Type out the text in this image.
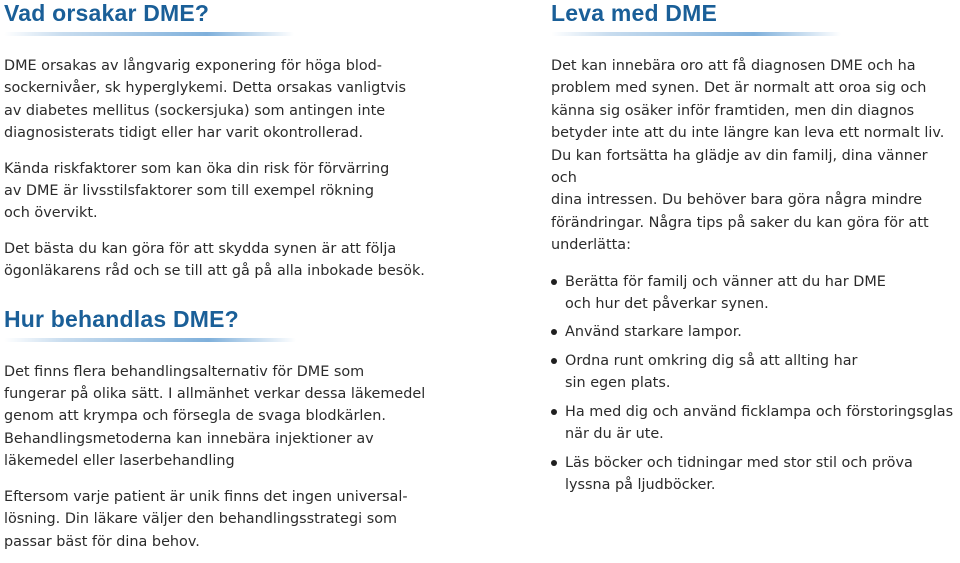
Vad orsakar DME?

DME orsakas av långvarig exponering för höga blod-
sockernivåer, sk hyperglykemi. Detta orsakas vanligtvis
av diabetes mellitus (sockersjuka) som antingen inte
diagnosisterats tidigt eller har varit okontrollerad.

Kända riskfaktorer som kan öka din risk för förvärring
av DME är livsstilsfaktorer som till exempel rökning
och övervikt.

Det bästa du kan göra för att skydda synen är att följa
ögonläkarens råd och se till att gå på alla inbokade besök.

Hur behandlas DME?

Det finns flera behandlingsalternativ för DME som
fungerar på olika sätt. I allmänhet verkar dessa läkemedel
genom att krympa och försegla de svaga blodkärlen.
Behandlingsmetoderna kan innebära injektioner av
läkemedel eller laserbehandling

Eftersom varje patient är unik finns det ingen universal-
lösning. Din läkare väljer den behandlingsstrategi som
passar bäst för dina behov.

Leva med DME

Det kan innebära oro att få diagnosen DME och ha
problem med synen. Det är normalt att oroa sig och
känna sig osäker inför framtiden, men din diagnos
betyder inte att du inte längre kan leva ett normalt liv.
Du kan fortsätta ha glädje av din familj, dina vänner och
dina intressen. Du behöver bara göra några mindre
förändringar. Några tips på saker du kan göra för att
underlätta:

Berätta för familj och vänner att du har DME
och hur det påverkar synen.
Använd starkare lampor.
Ordna runt omkring dig så att allting har
sin egen plats.
Ha med dig och använd ficklampa och förstoringsglas
när du är ute.
Läs böcker och tidningar med stor stil och pröva
lyssna på ljudböcker.
